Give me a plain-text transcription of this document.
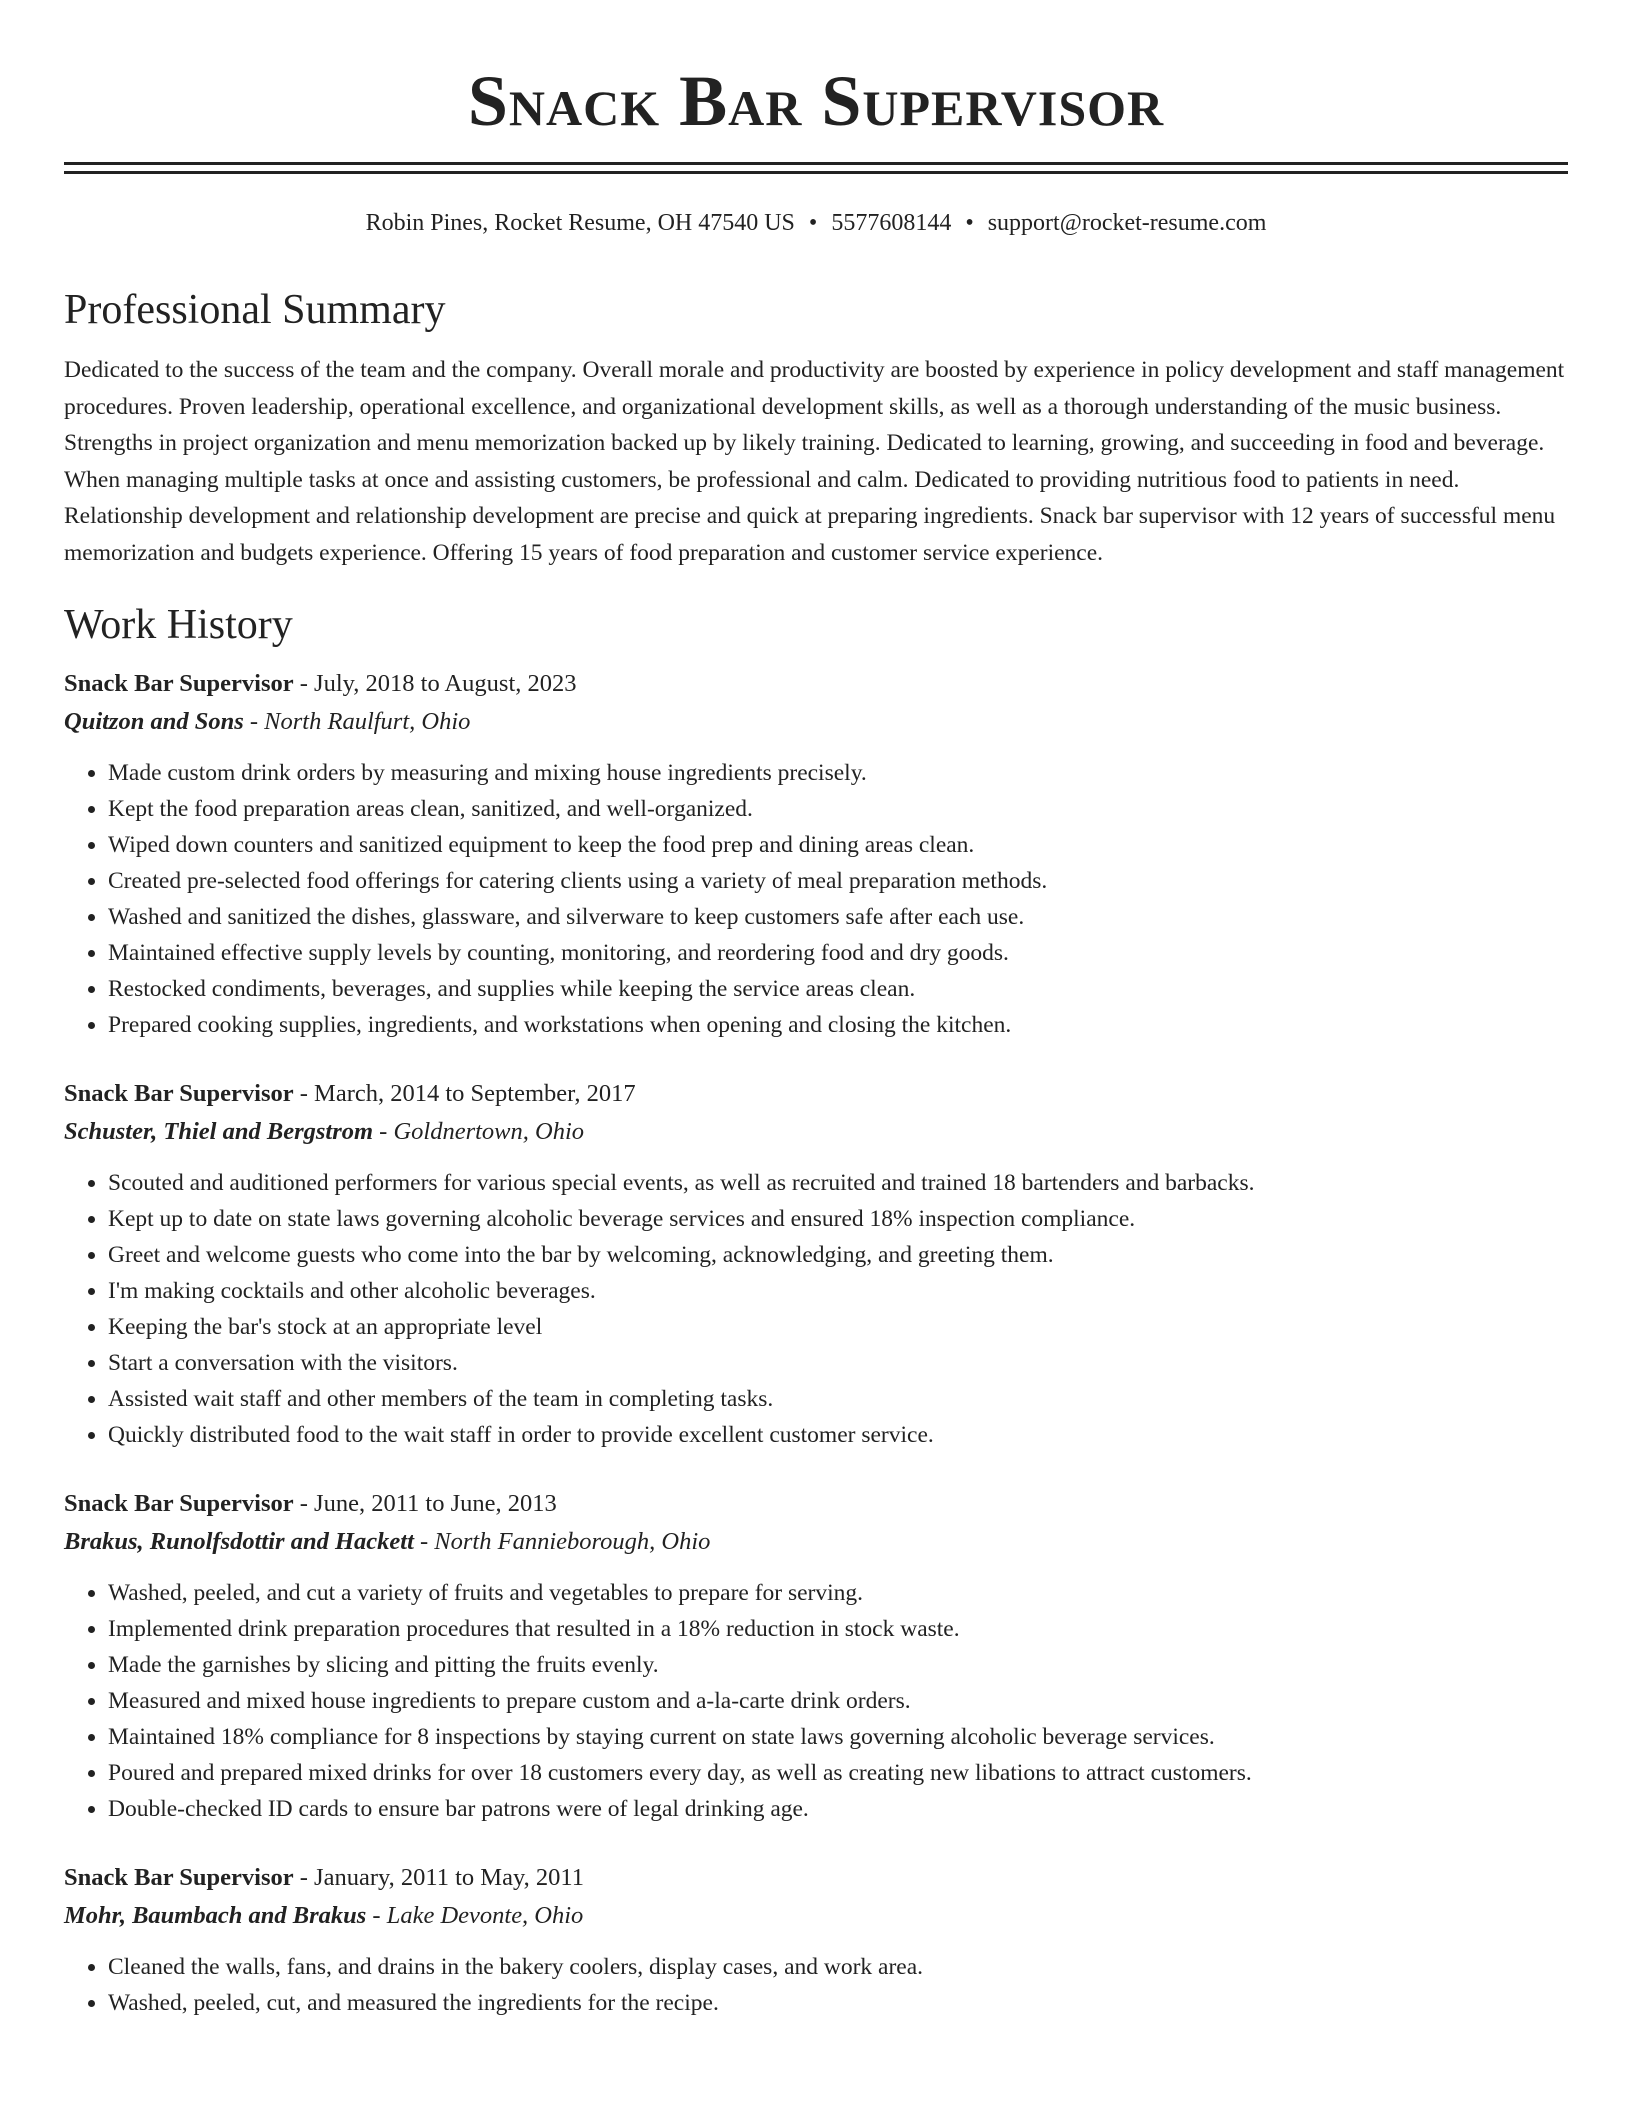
Snack Bar Supervisor
Robin Pines, Rocket Resume, OH 47540 US • 5577608144 • support@rocket-resume.com
Professional Summary

Dedicated to the success of the team and the company. Overall morale and productivity are boosted by experience in policy development and staff management procedures. Proven leadership, operational excellence, and organizational development skills, as well as a thorough understanding of the music business. Strengths in project organization and menu memorization backed up by likely training. Dedicated to learning, growing, and succeeding in food and beverage. When managing multiple tasks at once and assisting customers, be professional and calm. Dedicated to providing nutritious food to patients in need. Relationship development and relationship development are precise and quick at preparing ingredients. Snack bar supervisor with 12 years of successful menu memorization and budgets experience. Offering 15 years of food preparation and customer service experience.

Work History
Snack Bar Supervisor - July, 2018 to August, 2023
Quitzon and Sons - North Raulfurt, Ohio
• Made custom drink orders by measuring and mixing house ingredients precisely.
• Kept the food preparation areas clean, sanitized, and well-organized.
• Wiped down counters and sanitized equipment to keep the food prep and dining areas clean.
• Created pre-selected food offerings for catering clients using a variety of meal preparation methods.
• Washed and sanitized the dishes, glassware, and silverware to keep customers safe after each use.
• Maintained effective supply levels by counting, monitoring, and reordering food and dry goods.
• Restocked condiments, beverages, and supplies while keeping the service areas clean.
• Prepared cooking supplies, ingredients, and workstations when opening and closing the kitchen.
Snack Bar Supervisor - March, 2014 to September, 2017
Schuster, Thiel and Bergstrom - Goldnertown, Ohio
• Scouted and auditioned performers for various special events, as well as recruited and trained 18 bartenders and barbacks.
• Kept up to date on state laws governing alcoholic beverage services and ensured 18% inspection compliance.
• Greet and welcome guests who come into the bar by welcoming, acknowledging, and greeting them.
• I'm making cocktails and other alcoholic beverages.
• Keeping the bar's stock at an appropriate level
• Start a conversation with the visitors.
• Assisted wait staff and other members of the team in completing tasks.
• Quickly distributed food to the wait staff in order to provide excellent customer service.
Snack Bar Supervisor - June, 2011 to June, 2013
Brakus, Runolfsdottir and Hackett - North Fannieborough, Ohio
• Washed, peeled, and cut a variety of fruits and vegetables to prepare for serving.
• Implemented drink preparation procedures that resulted in a 18% reduction in stock waste.
• Made the garnishes by slicing and pitting the fruits evenly.
• Measured and mixed house ingredients to prepare custom and a-la-carte drink orders.
• Maintained 18% compliance for 8 inspections by staying current on state laws governing alcoholic beverage services.
• Poured and prepared mixed drinks for over 18 customers every day, as well as creating new libations to attract customers.
• Double-checked ID cards to ensure bar patrons were of legal drinking age.
Snack Bar Supervisor - January, 2011 to May, 2011
Mohr, Baumbach and Brakus - Lake Devonte, Ohio
• Cleaned the walls, fans, and drains in the bakery coolers, display cases, and work area.
• Washed, peeled, cut, and measured the ingredients for the recipe.
